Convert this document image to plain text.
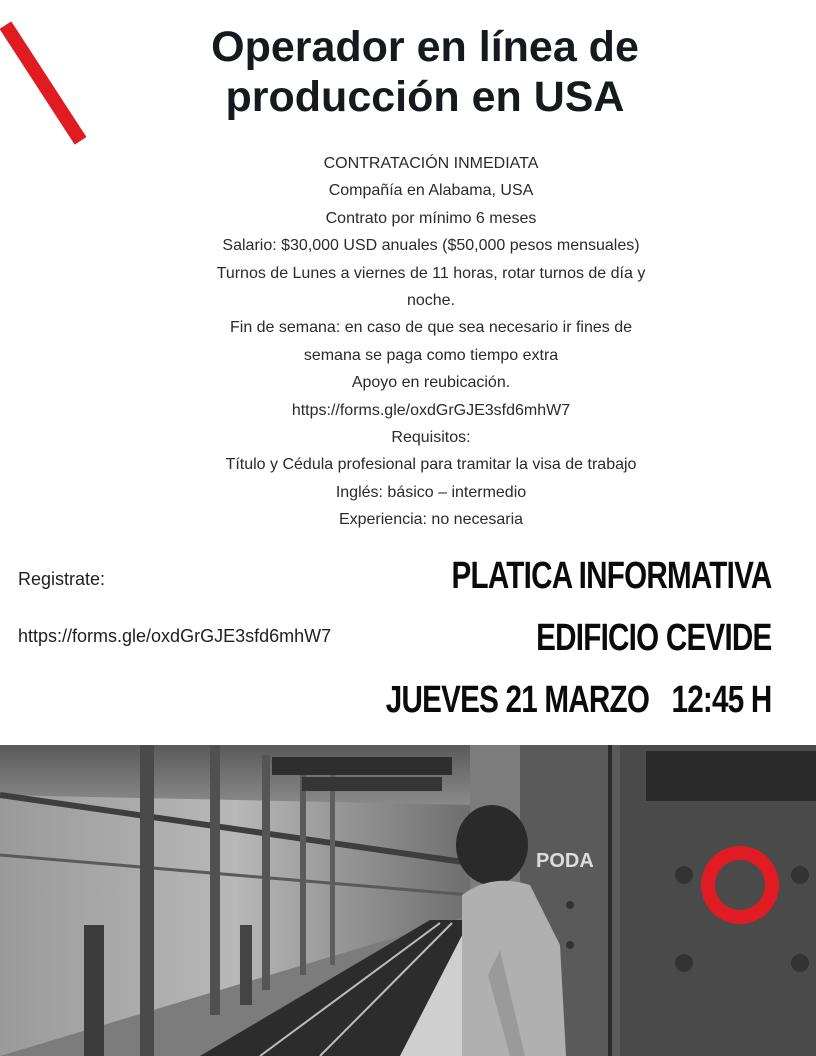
Operador en línea de
producción en USA
CONTRATACIÓN INMEDIATA
Compañía en Alabama, USA
Contrato por mínimo 6 meses
Salario: $30,000 USD anuales ($50,000 pesos mensuales)
Turnos de Lunes a viernes de 11 horas, rotar turnos de día y
noche.
Fin de semana: en caso de que sea necesario ir fines de
semana se paga como tiempo extra
Apoyo en reubicación.
https://forms.gle/oxdGrGJE3sfd6mhW7
Requisitos:
Título y Cédula profesional para tramitar la visa de trabajo
Inglés: básico – intermedio
Experiencia: no necesaria
Registrate:
https://forms.gle/oxdGrGJE3sfd6mhW7
PLATICA INFORMATIVA
EDIFICIO CEVIDE
JUEVES 21 MARZO   12:45 H
PODA
